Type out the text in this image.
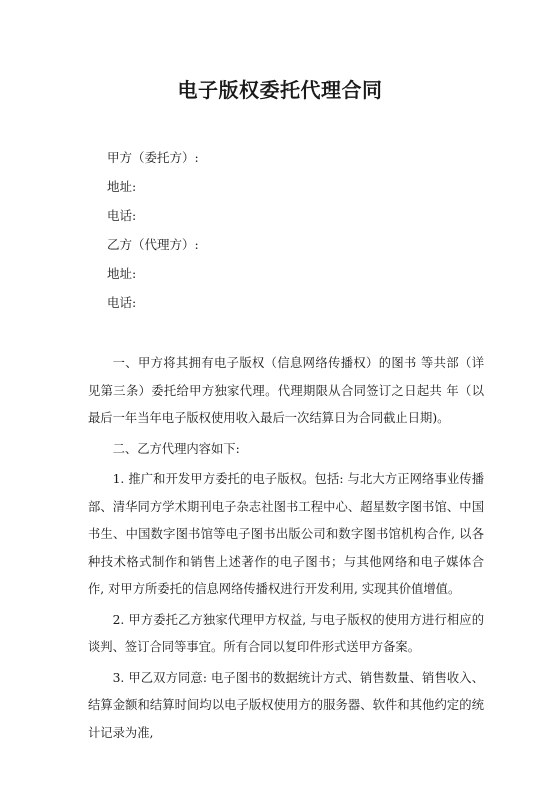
电子版权委托代理合同
甲方（委托方）:
地址:
电话:
乙方（代理方）:
地址:
电话:

一、甲方将其拥有电子版权（信息网络传播权）的图书 等共部（详见第三条）委托给甲方独家代理。代理期限从合同签订之日起共 年（以最后一年当年电子版权使用收入最后一次结算日为合同截止日期)。

二、乙方代理内容如下:

1. 推广和开发甲方委托的电子版权。包括: 与北大方正网络事业传播部、清华同方学术期刊电子杂志社图书工程中心、超星数字图书馆、中国书生、中国数字图书馆等电子图书出版公司和数字图书馆机构合作, 以各种技术格式制作和销售上述著作的电子图书；与其他网络和电子媒体合作, 对甲方所委托的信息网络传播权进行开发利用, 实现其价值增值。

2. 甲方委托乙方独家代理甲方权益, 与电子版权的使用方进行相应的谈判、签订合同等事宜。所有合同以复印件形式送甲方备案。

3. 甲乙双方同意: 电子图书的数据统计方式、销售数量、销售收入、结算金额和结算时间均以电子版权使用方的服务器、软件和其他约定的统计记录为准,
